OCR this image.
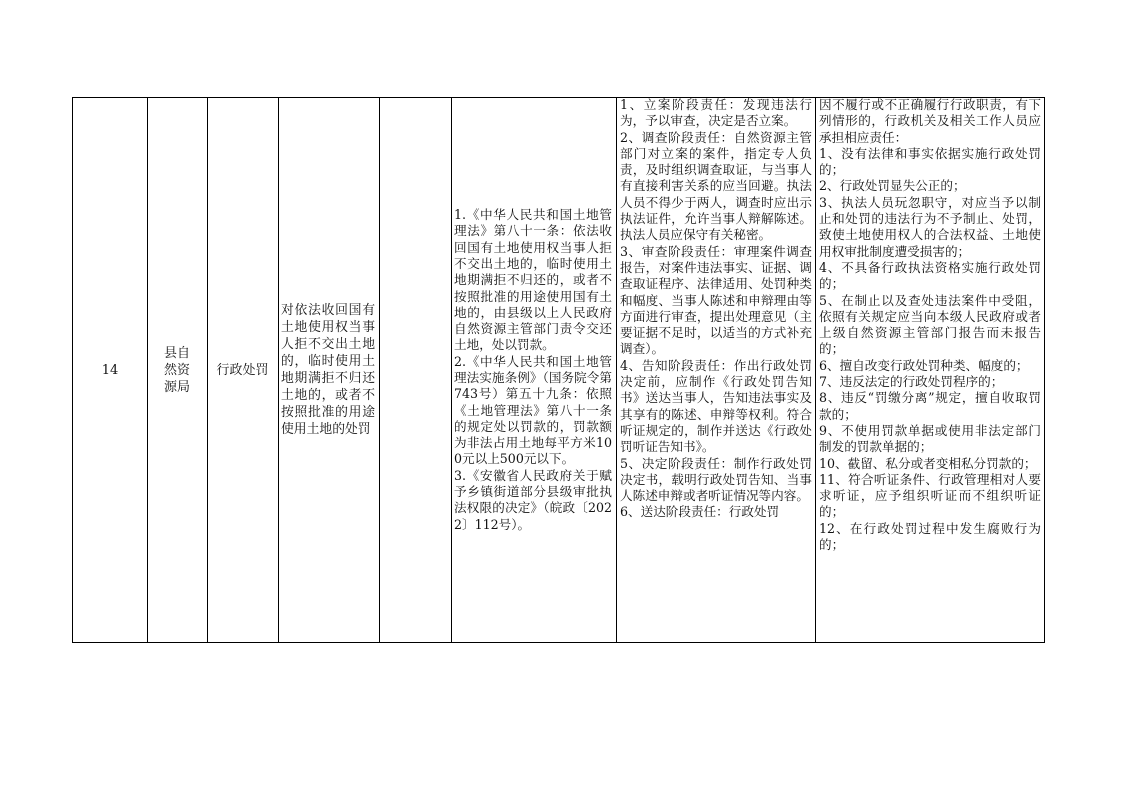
14
县自然资源局
行政处罚
对依法收回国有土地使用权当事人拒不交出土地的，临时使用土地期满拒不归还土地的，或者不按照批准的用途使用土地的处罚

1.《中华人民共和国土地管理法》第八十一条：依法收回国有土地使用权当事人拒不交出土地的，临时使用土地期满拒不归还的，或者不按照批准的用途使用国有土地的，由县级以上人民政府自然资源主管部门责令交还土地，处以罚款。

2.《中华人民共和国土地管理法实施条例》（国务院令第743号）第五十九条：依照《土地管理法》第八十一条的规定处以罚款的，罚款额为非法占用土地每平方米100元以上500元以下。

3.《安徽省人民政府关于赋予乡镇街道部分县级审批执法权限的决定》（皖政〔2022〕112号）。

1、立案阶段责任：发现违法行为，予以审查，决定是否立案。

2、调查阶段责任：自然资源主管部门对立案的案件，指定专人负责，及时组织调查取证，与当事人有直接利害关系的应当回避。执法人员不得少于两人，调查时应出示执法证件，允许当事人辩解陈述。执法人员应保守有关秘密。

3、审查阶段责任：审理案件调查报告，对案件违法事实、证据、调查取证程序、法律适用、处罚种类和幅度、当事人陈述和申辩理由等方面进行审查，提出处理意见（主要证据不足时，以适当的方式补充调查）。

4、告知阶段责任：作出行政处罚决定前，应制作《行政处罚告知书》送达当事人，告知违法事实及其享有的陈述、申辩等权利。符合听证规定的，制作并送达《行政处罚听证告知书》。

5、决定阶段责任：制作行政处罚决定书，载明行政处罚告知、当事人陈述申辩或者听证情况等内容。

6、送达阶段责任：行政处罚

因不履行或不正确履行行政职责，有下列情形的，行政机关及相关工作人员应承担相应责任：

1、没有法律和事实依据实施行政处罚的；

2、行政处罚显失公正的；

3、执法人员玩忽职守，对应当予以制止和处罚的违法行为不予制止、处罚，致使土地使用权人的合法权益、土地使用权审批制度遭受损害的；

4、不具备行政执法资格实施行政处罚的；

5、在制止以及查处违法案件中受阻，依照有关规定应当向本级人民政府或者上级自然资源主管部门报告而未报告的；

6、擅自改变行政处罚种类、幅度的；

7、违反法定的行政处罚程序的；

8、违反“罚缴分离”规定，擅自收取罚款的；

9、不使用罚款单据或使用非法定部门制发的罚款单据的；

10、截留、私分或者变相私分罚款的；

11、符合听证条件、行政管理相对人要求听证，应予组织听证而不组织听证的；

12、在行政处罚过程中发生腐败行为的；
